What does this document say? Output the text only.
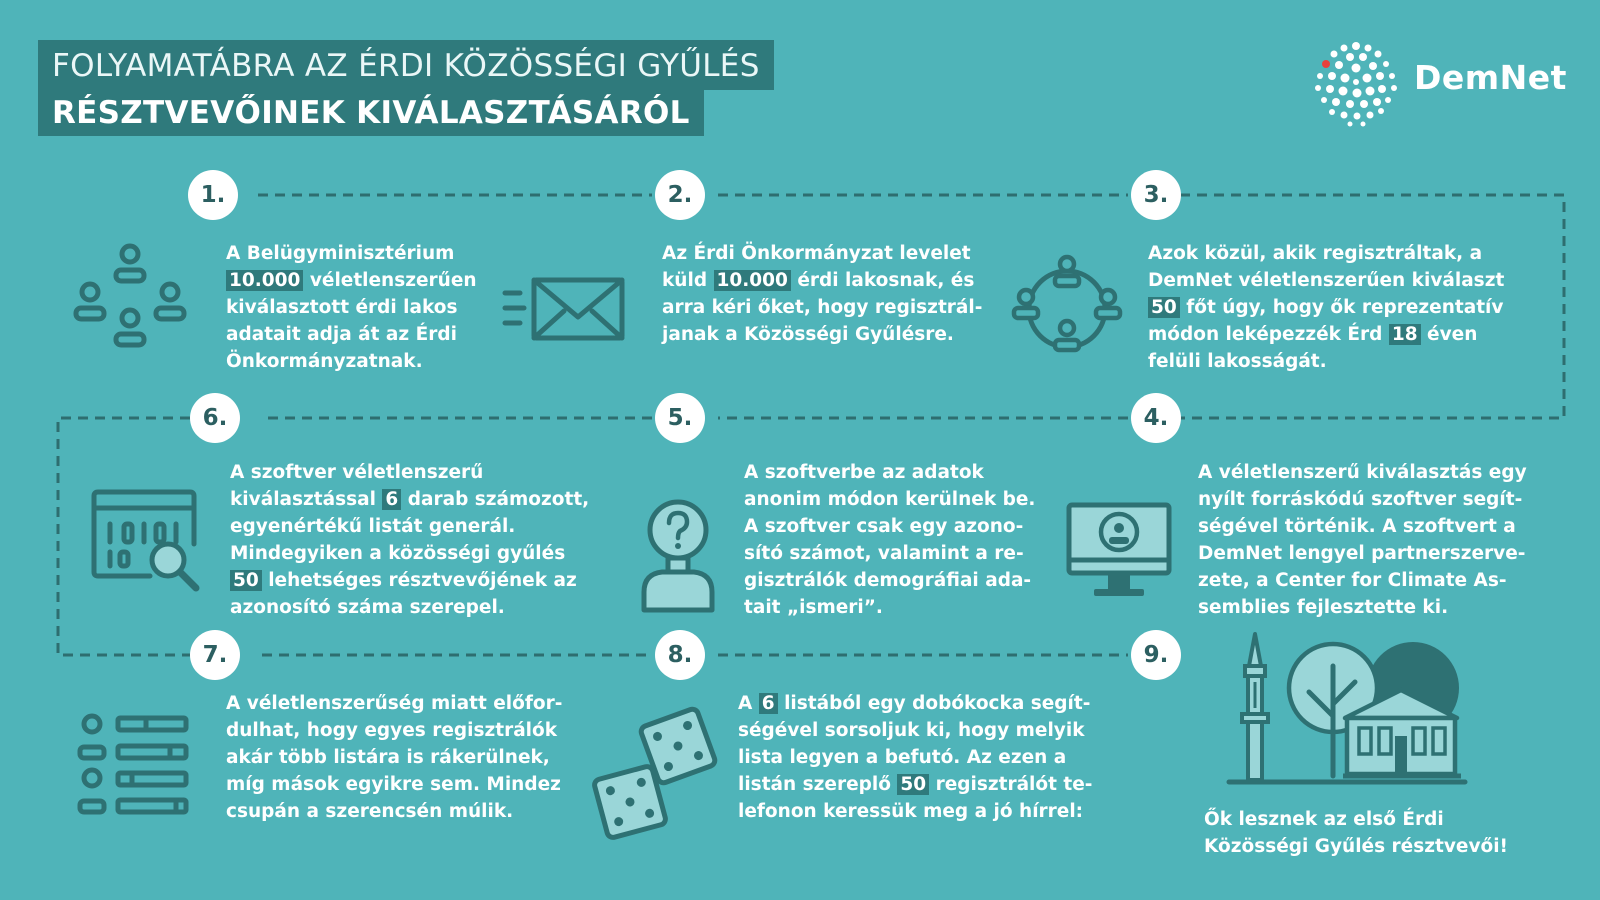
FOLYAMATÁBRA AZ ÉRDI KÖZÖSSÉGI GYŰLÉS
RÉSZTVEVŐINEK KIVÁLASZTÁSÁRÓL
DemNet
1.	2.	3.
4.
5.
6.
7.	8.	9.
A Belügyminisztérium 10.000 véletlenszerűen kiválasztott érdi lakos adatait adja át az Érdi Önkormányzatnak.
Az Érdi Önkormányzat levelet küld 10.000 érdi lakosnak, és arra kéri őket, hogy regisztrál-janak a Közösségi Gyűlésre.
Azok közül, akik regisztráltak, a DemNet véletlenszerűen kiválaszt 50 főt úgy, hogy ők reprezentatív módon leképezzék Érd 18 éven felüli lakosságát.
A véletlenszerű kiválasztás egy nyílt forráskódú szoftver segít-ségével történik. A szoftvert a DemNet lengyel partnerszerve-zete, a Center for Climate As-semblies fejlesztette ki.
A szoftverbe az adatok anonim módon kerülnek be. A szoftver csak egy azono-sító számot, valamint a re-gisztrálók demográfiai ada-tait „ismeri”.
A szoftver véletlenszerű kiválasztással 6 darab számozott, egyenértékű listát generál. Mindegyiken a közösségi gyűlés 50 lehetséges résztvevőjének az azonosító száma szerepel.
A véletlenszerűség miatt előfor-dulhat, hogy egyes regisztrálók akár több listára is rákerülnek, míg mások egyikre sem. Mindez csupán a szerencsén múlik.
A 6 listából egy dobókocka segít-ségével sorsoljuk ki, hogy melyik lista legyen a befutó. Az ezen a listán szereplő 50 regisztrálót te-lefonon keressük meg a jó hírrel:	Ők lesznek az első Érdi Közösségi Gyűlés résztvevői!
